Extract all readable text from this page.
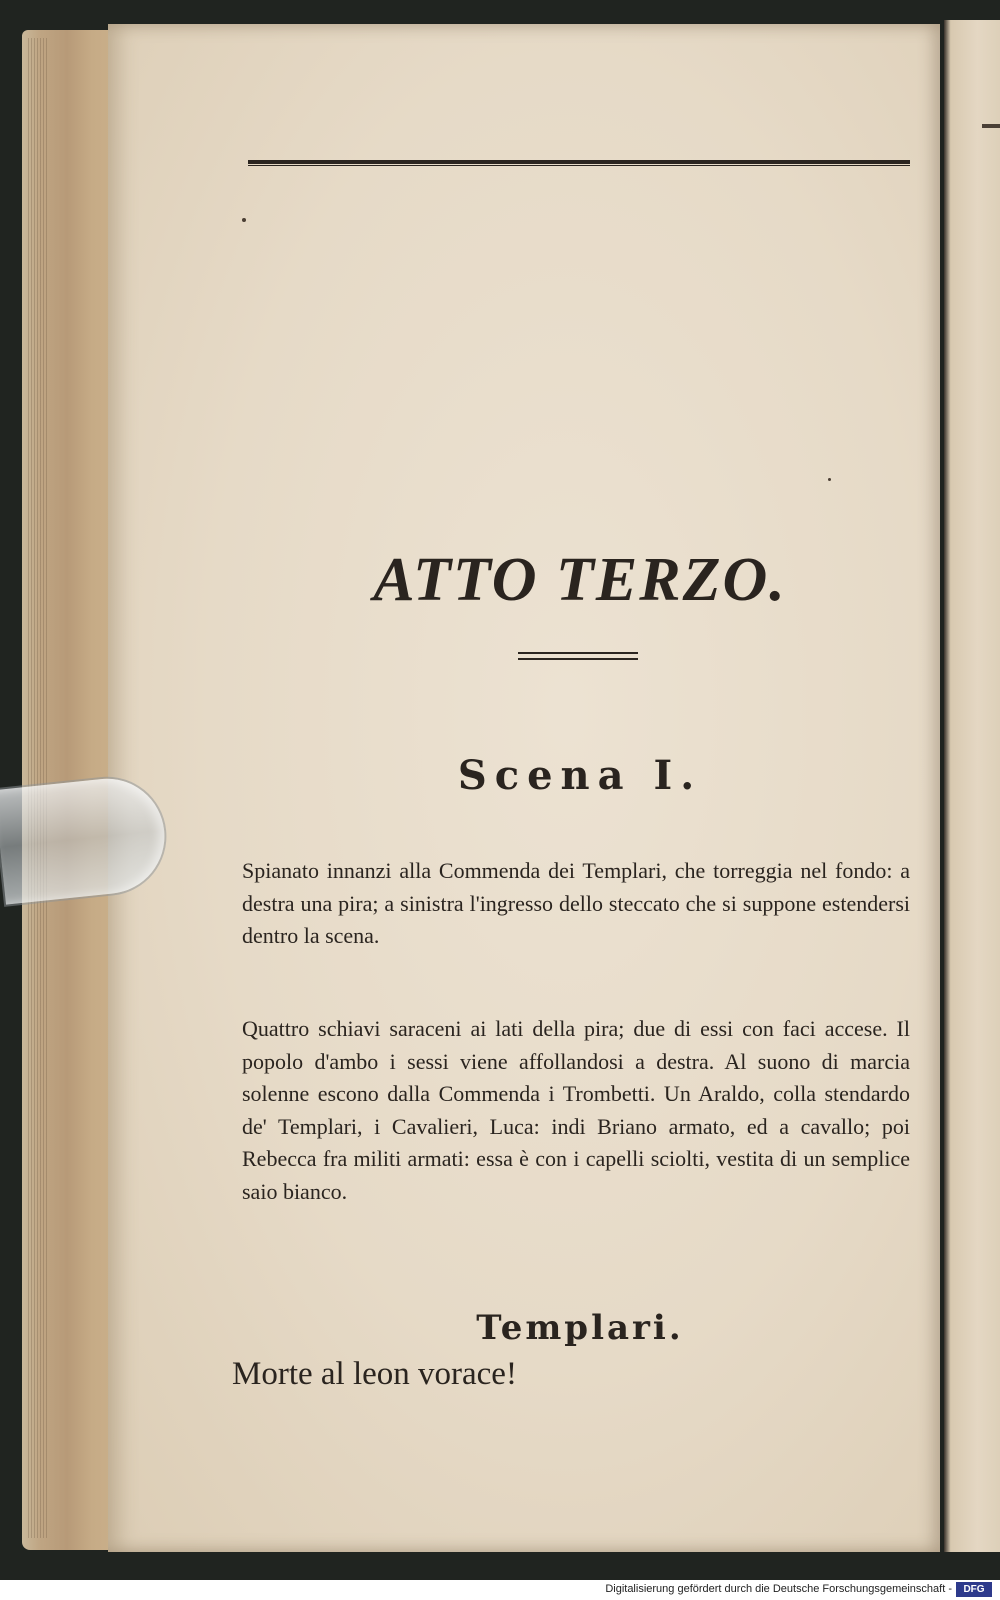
ATTO TERZO.
Scena I.

Spianato innanzi alla Commenda dei Templari, che torreggia nel fondo: a destra una pira; a sinistra l'ingresso dello steccato che si suppone estendersi dentro la scena.

Quattro schiavi saraceni ai lati della pira; due di essi con faci accese. Il popolo d'ambo i sessi viene affollandosi a destra. Al suono di marcia solenne escono dalla Commenda i Trombetti. Un Araldo, colla stendardo de' Templari, i Cavalieri, Luca: indi Briano armato, ed a cavallo; poi Rebecca fra militi armati: essa è con i capelli sciolti, vestita di un semplice saio bianco.

Templari.
Morte al leon vorace!
Digitalisierung gefördert durch die Deutsche Forschungsgemeinschaft -	DFG
